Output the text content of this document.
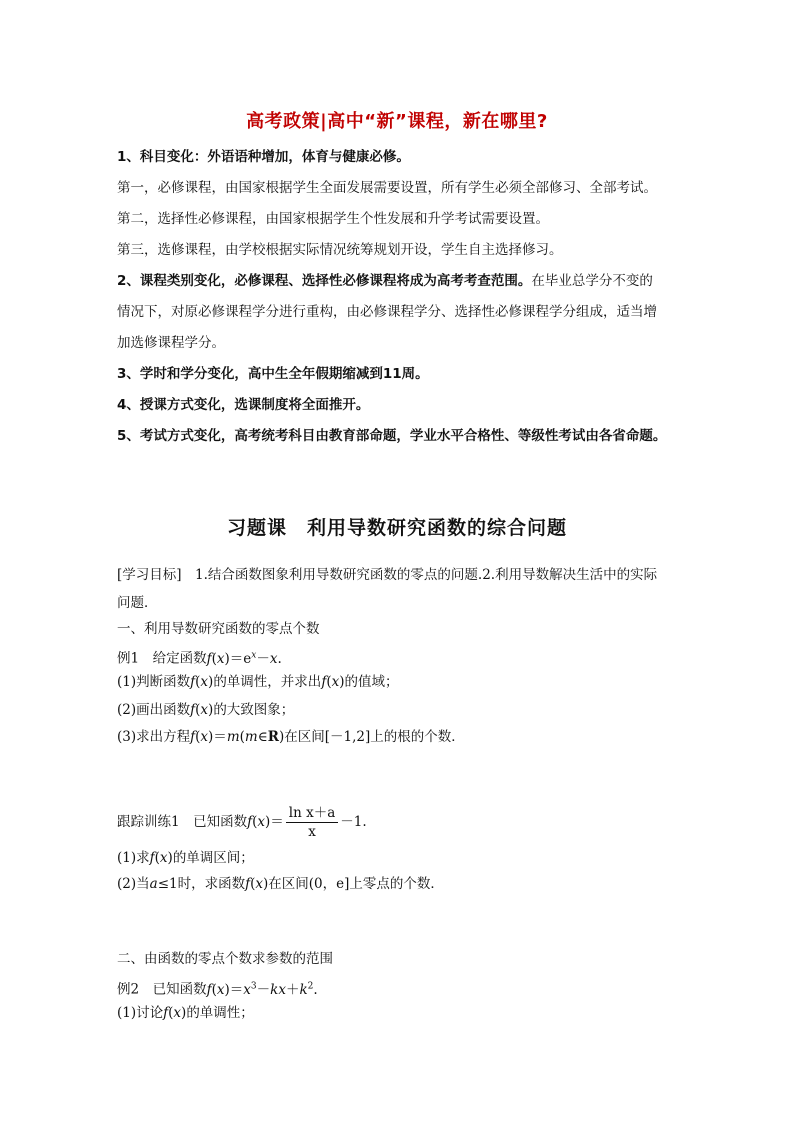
高考政策|高中“新”课程，新在哪里?
1、科目变化：外语语种增加，体育与健康必修。
第一，必修课程，由国家根据学生全面发展需要设置，所有学生必须全部修习、全部考试。
第二，选择性必修课程，由国家根据学生个性发展和升学考试需要设置。
第三，选修课程，由学校根据实际情况统筹规划开设，学生自主选择修习。
2、课程类别变化，必修课程、选择性必修课程将成为高考考查范围。在毕业总学分不变的
情况下，对原必修课程学分进行重构，由必修课程学分、选择性必修课程学分组成，适当增
加选修课程学分。
3、学时和学分变化，高中生全年假期缩减到11周。
4、授课方式变化，选课制度将全面推开。
5、考试方式变化，高考统考科目由教育部命题，学业水平合格性、等级性考试由各省命题。
习题课　利用导数研究函数的综合问题
[学习目标]　 1.结合函数图象利用导数研究函数的零点的问题.2.利用导数解决生活中的实际
问题．
一、利用导数研究函数的零点个数
例1　 给定函数$f(x)=e^x-x$.
(1)判断函数f(x)的单调性，并求出f(x)的值域；
(2)画出函数f(x)的大致图象；
(3)求出方程f(x)＝m(m∈R)在区间[－1,2]上的根的个数．
跟踪训练1　 已知函数$f(x)= \frac{\text{ln x＋a}}{x} -1$.
(1)求f(x)的单调区间；
(2)当a≤1时，求函数f(x)在区间(0，e]上零点的个数．
二、由函数的零点个数求参数的范围
例2　 已知函数$f(x)=x^3-kx+k^2$.
(1)讨论f(x)的单调性；
